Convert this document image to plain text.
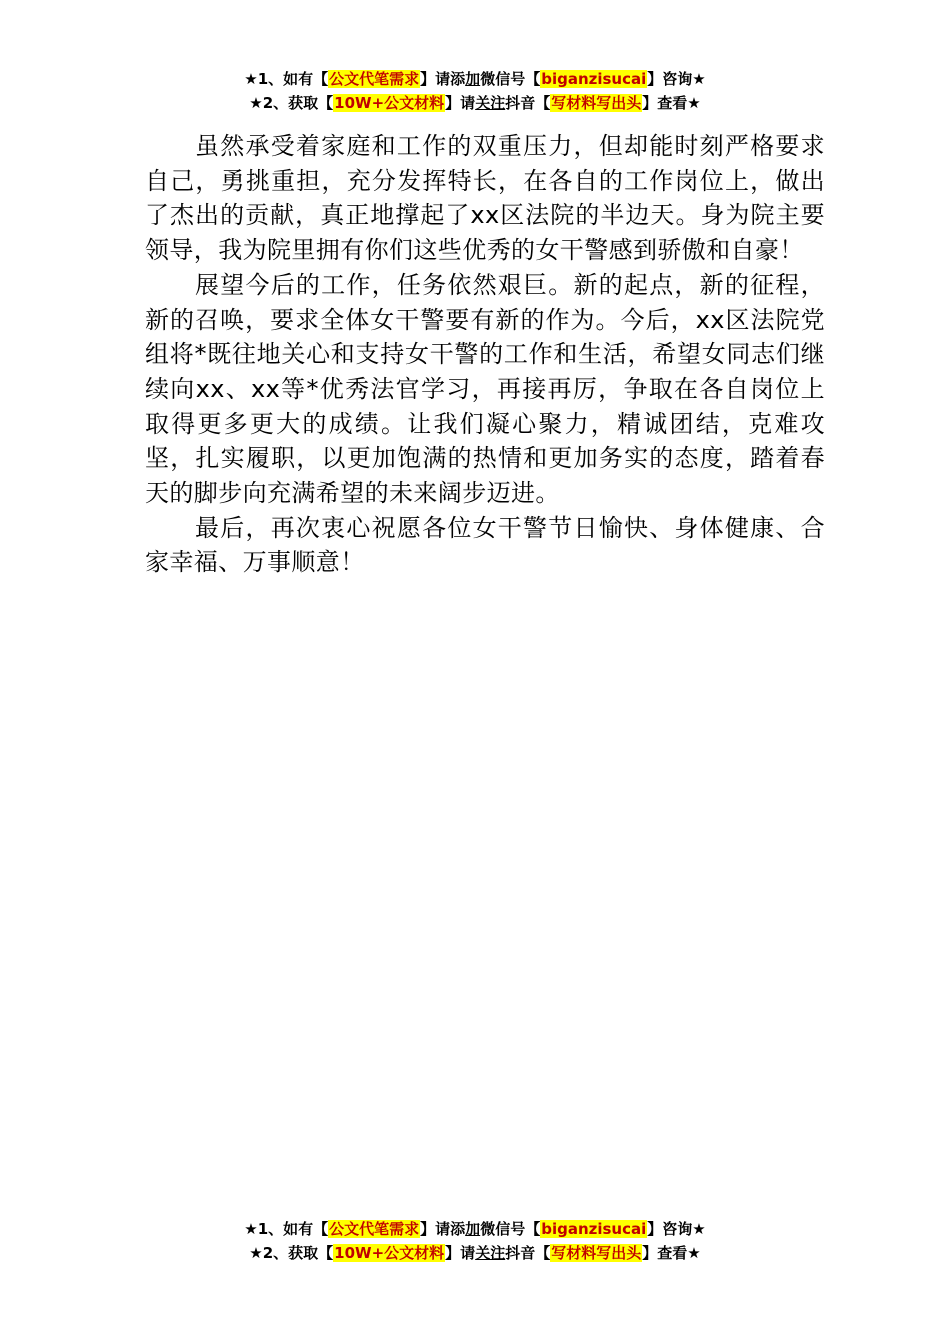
★1、如有【公文代笔需求】请添加微信号【biganzisucai】咨询★
★2、获取【10W+公文材料】请关注抖音【写材料写出头】查看★

虽然承受着家庭和工作的双重压力，但却能时刻严格要求自己，勇挑重担，充分发挥特长，在各自的工作岗位上，做出了杰出的贡献，真正地撑起了xx区法院的半边天。身为院主要领导，我为院里拥有你们这些优秀的女干警感到骄傲和自豪！

展望今后的工作，任务依然艰巨。新的起点，新的征程，新的召唤，要求全体女干警要有新的作为。今后，xx区法院党组将*既往地关心和支持女干警的工作和生活，希望女同志们继续向xx、xx等*优秀法官学习，再接再厉，争取在各自岗位上取得更多更大的成绩。让我们凝心聚力，精诚团结，克难攻坚，扎实履职，以更加饱满的热情和更加务实的态度，踏着春天的脚步向充满希望的未来阔步迈进。

最后，再次衷心祝愿各位女干警节日愉快、身体健康、合家幸福、万事顺意！

★1、如有【公文代笔需求】请添加微信号【biganzisucai】咨询★
★2、获取【10W+公文材料】请关注抖音【写材料写出头】查看★
